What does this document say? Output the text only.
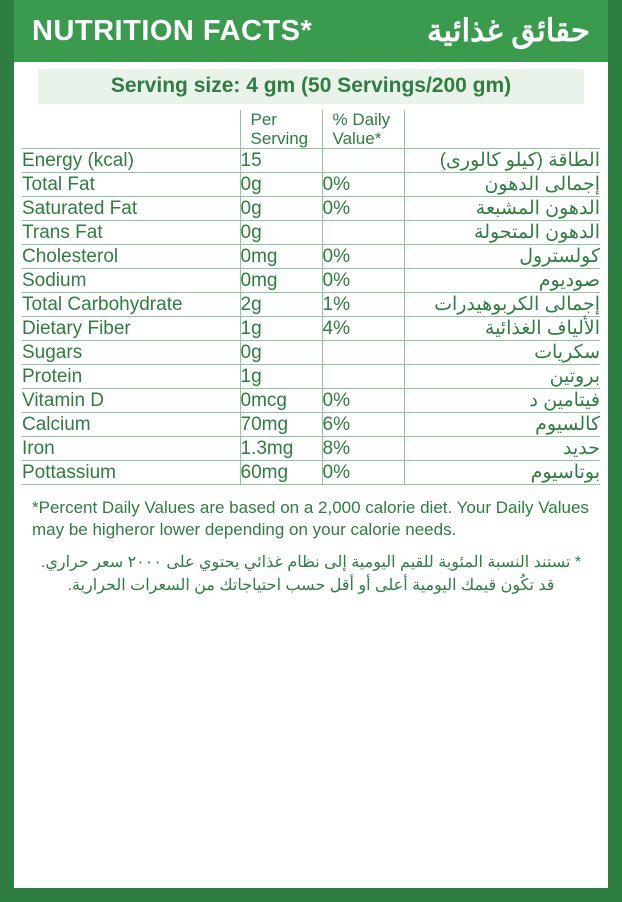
NUTRITION FACTS*	حقائق غذائية
Serving size: 4 gm (50 Servings/200 gm)

	Per Serving	% Daily Value*	

Energy (kcal)	15		الطاقة (كيلو كالورى)
Total Fat	0g	0%	إجمالى الدهون
Saturated Fat	0g	0%	الدهون المشبعة
Trans Fat	0g		الدهون المتحولة
Cholesterol	0mg	0%	كولسترول
Sodium	0mg	0%	صوديوم
Total Carbohydrate	2g	1%	إجمالى الكربوهيدرات
Dietary Fiber	1g	4%	الألياف الغذائية
Sugars	0g		سكريات
Protein	1g		بروتين
Vitamin D	0mcg	0%	فيتامين د
Calcium	70mg	6%	كالسيوم
Iron	1.3mg	8%	حديد
Pottassium	60mg	0%	بوتاسيوم
*Percent Daily Values are based on a 2,000 calorie diet. Your Daily Values may be higheror lower depending on your calorie needs.
* تستند النسبة المئوية للقيم اليومية إلى نظام غذائي يحتوي على ٢٠٠٠ سعر حراري. قد تكُون قيمك اليومية أعلى أو أقل حسب احتياجاتك من السعرات الحرارية.
